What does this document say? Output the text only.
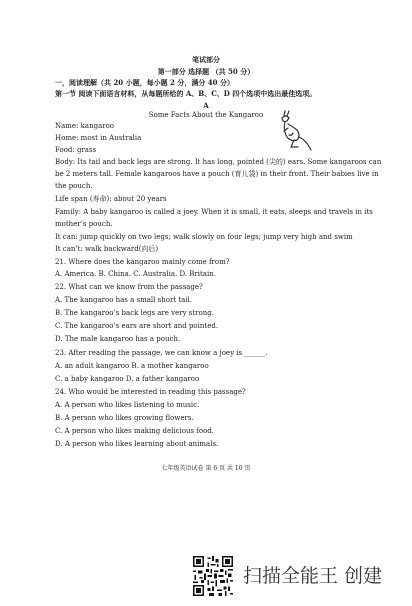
笔试部分
第一部分 选择题 （共 50 分）
一，阅读理解（共 20 小题，每小题 2 分，满分 40 分）
第一节 阅读下面语言材料，从每题所给的 A、B、C、D 四个选项中选出最佳选项。
A
Some Facts About the Kangaroo
Name: kangaroo
Home: most in Australia
Food: grass
Body: Its tail and back legs are strong. It has long, pointed (尖的) ears. Some kangaroos can
be 2 meters tall. Female kangaroos have a pouch (育儿袋) in their front. Their babies live in
the pouch.
Life span (寿命): about 20 years
Family: A baby kangaroo is called a joey. When it is small, it eats, sleeps and travels in its
mother’s pouch.
It can: jump quickly on two legs; walk slowly on four legs; jump very high and swim
It can’t: walk backward(向后)
21. Where does the kangaroo mainly come from?
A. America. B. China. C. Australia. D. Britain.
22. What can we know from the passage?
A. The kangaroo has a small short tail.
B. The kangaroo’s back legs are very strong.
C. The kangaroo’s ears are short and pointed.
D. The male kangaroo has a pouch.
23. After reading the passage, we can know a joey is ______.
A. an adult kangaroo B. a mother kangaroo
C. a baby kangaroo D. a father kangaroo
24. Who would be interested in reading this passage?
A. A person who likes listening to music.
B. A person who likes growing flowers.
C. A person who likes making delicious food.
D. A person who likes learning about animals.
七年级英语试卷 第 6 页 共 10 页
扫描全能王 创建
